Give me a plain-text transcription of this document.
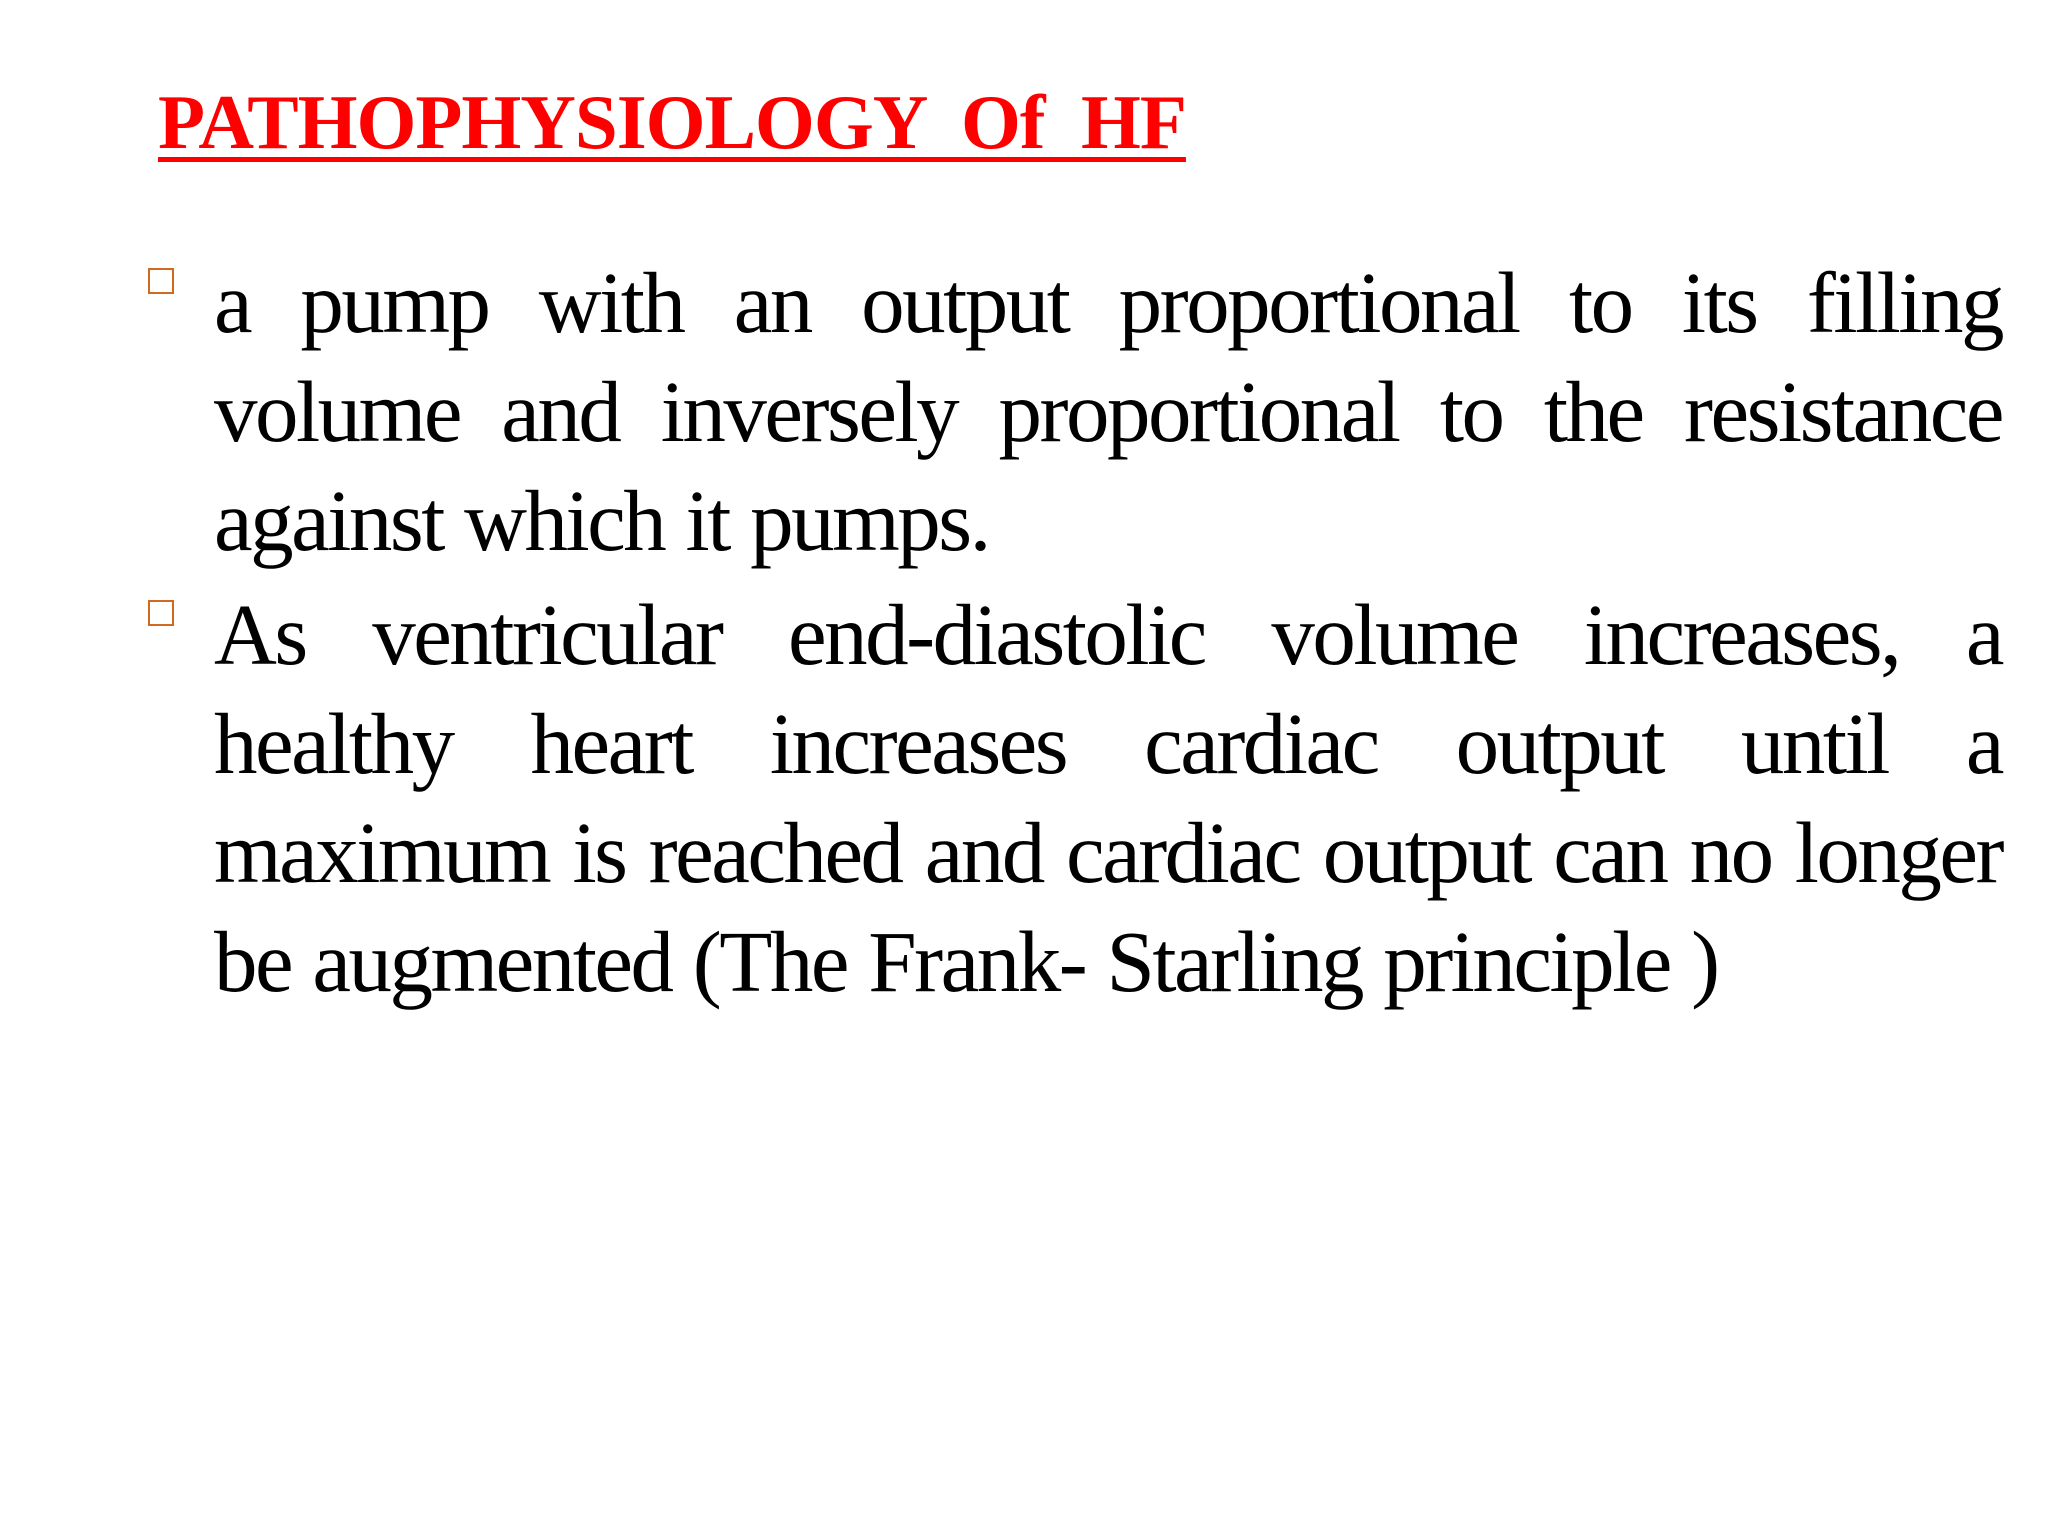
PATHOPHYSIOLOGY  Of  HF
a pump with an output proportional to its filling volume and inversely proportional to the resistance against which it pumps.
As ventricular end-diastolic volume increases, a healthy heart increases cardiac output until a maximum is reached and cardiac output can no longer be augmented (The Frank- Starling principle )
